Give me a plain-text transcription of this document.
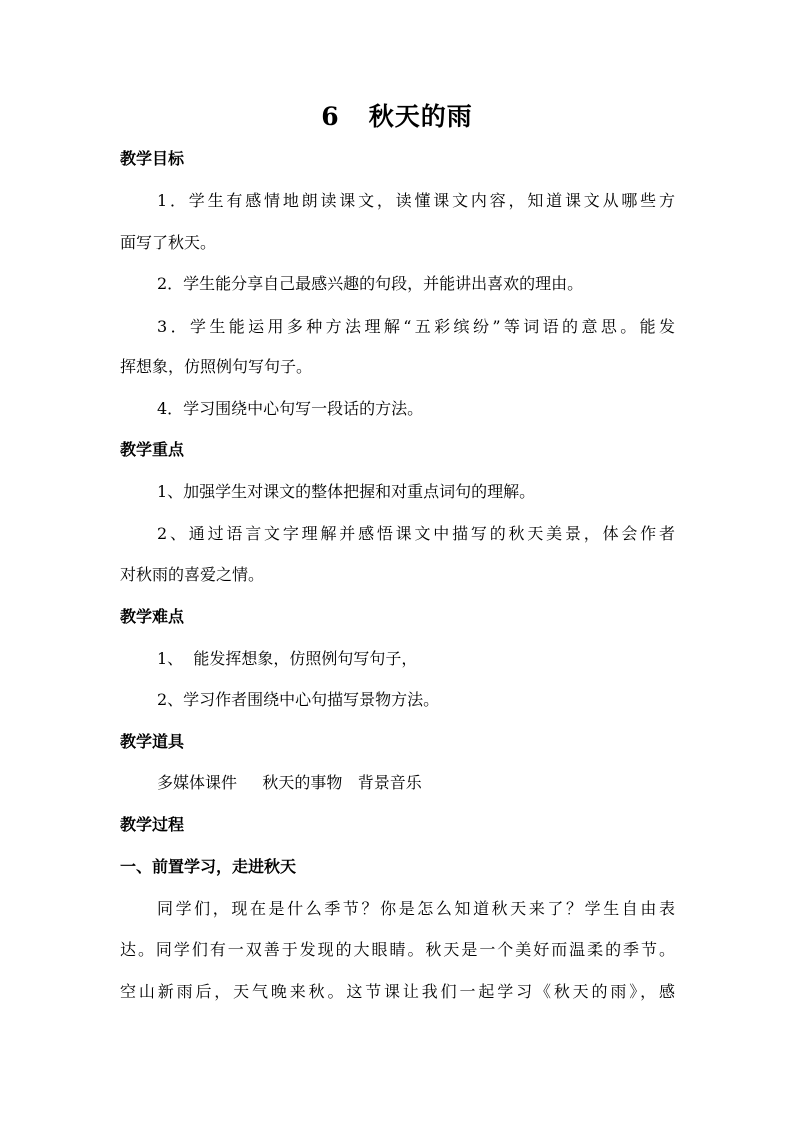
6   秋天的雨
教学目标
1．学生有感情地朗读课文，读懂课文内容，知道课文从哪些方
面写了秋天。
2．学生能分享自己最感兴趣的句段，并能讲出喜欢的理由。
3．学生能运用多种方法理解“五彩缤纷”等词语的意思。能发
挥想象，仿照例句写句子。
4．学习围绕中心句写一段话的方法。
教学重点
1、加强学生对课文的整体把握和对重点词句的理解。
2、通过语言文字理解并感悟课文中描写的秋天美景，体会作者
对秋雨的喜爱之情。
教学难点
1、  能发挥想象，仿照例句写句子，
2、学习作者围绕中心句描写景物方法。
教学道具
多媒体课件     秋天的事物   背景音乐
教学过程
一、前置学习，走进秋天
同学们，现在是什么季节？你是怎么知道秋天来了？学生自由表
达。同学们有一双善于发现的大眼睛。秋天是一个美好而温柔的季节。
空山新雨后，天气晚来秋。这节课让我们一起学习《秋天的雨》，感
